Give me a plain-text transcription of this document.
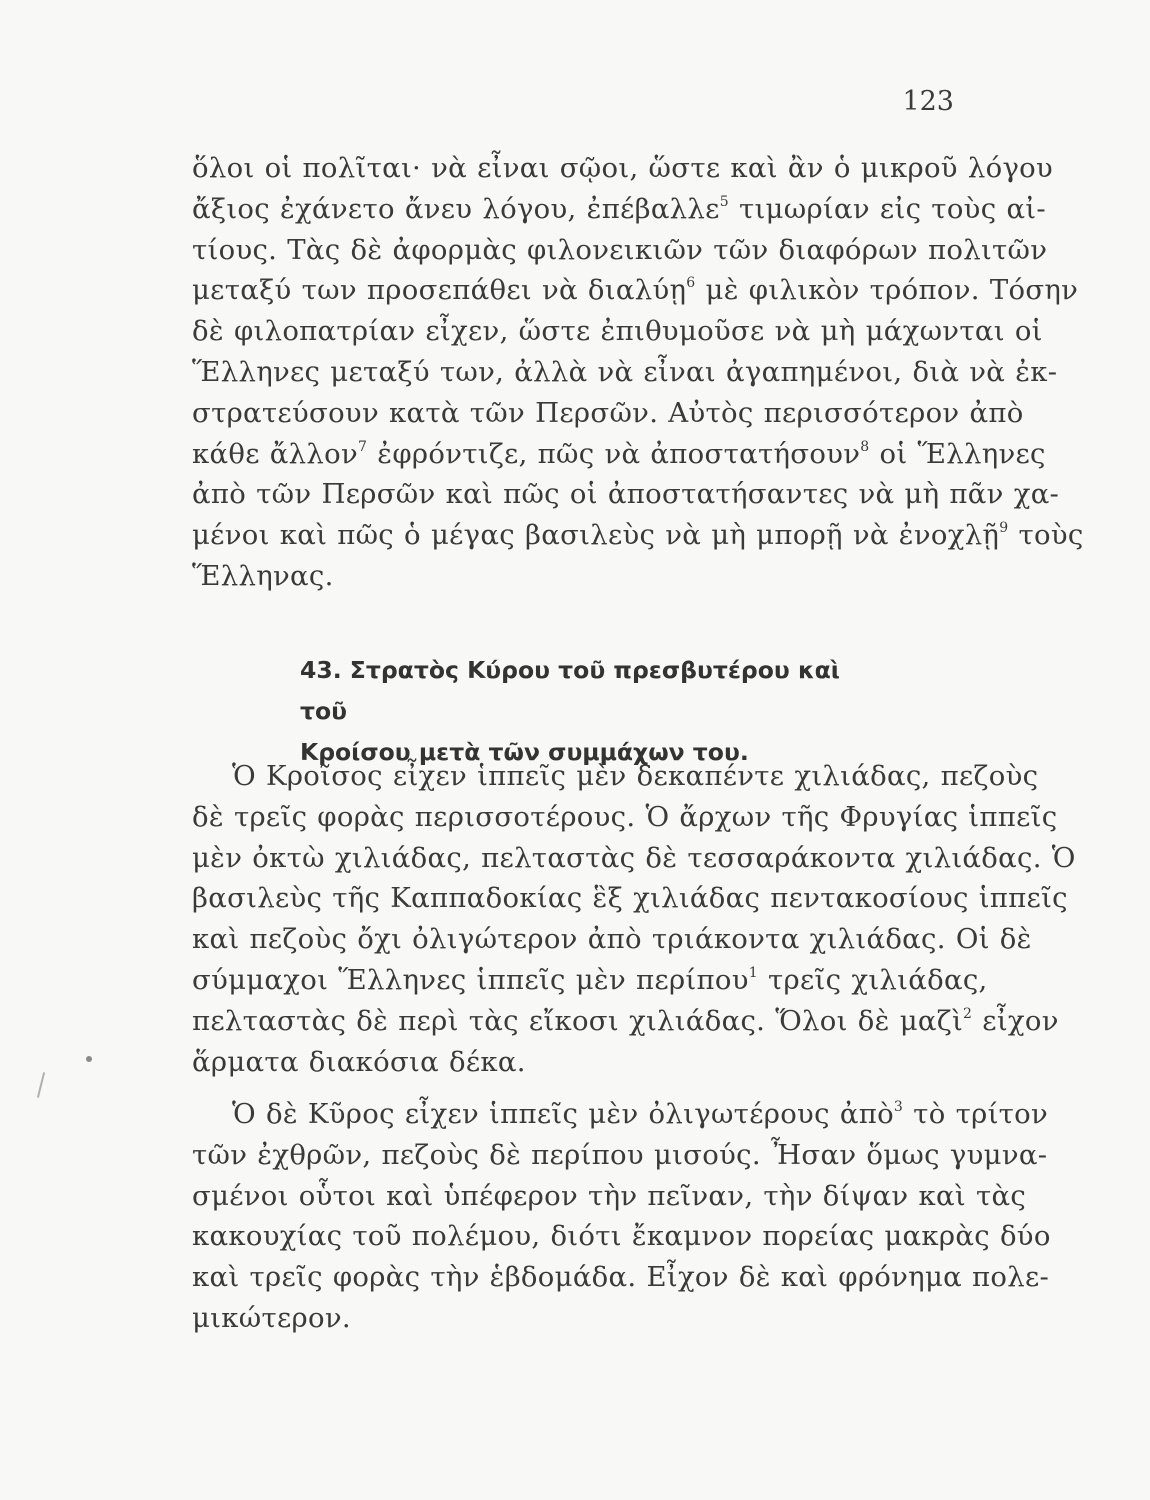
123
ὅλοι οἱ πολῖται· νὰ εἶναι σῷοι, ὥστε καὶ ἂν ὁ μικροῦ λόγου
ἄξιος ἐχάνετο ἄνευ λόγου, ἐπέβαλλε$^5$ τιμωρίαν εἰς τοὺς αἰ-
τίους. Τὰς δὲ ἀφορμὰς φιλονεικιῶν τῶν διαφόρων πολιτῶν
μεταξύ των προσεπάθει νὰ διαλύῃ$^6$ μὲ φιλικὸν τρόπον. Τόσην
δὲ φιλοπατρίαν εἶχεν, ὥστε ἐπιθυμοῦσε νὰ μὴ μάχωνται οἱ
Ἕλληνες μεταξύ των, ἀλλὰ νὰ εἶναι ἀγαπημένοι, διὰ νὰ ἐκ-
στρατεύσουν κατὰ τῶν Περσῶν. Αὐτὸς περισσότερον ἀπὸ
κάθε ἄλλον$^7$ ἐφρόντιζε, πῶς νὰ ἀποστατήσουν$^8$ οἱ Ἕλληνες
ἀπὸ τῶν Περσῶν καὶ πῶς οἱ ἀποστατήσαντες νὰ μὴ πᾶν χα-
μένοι καὶ πῶς ὁ μέγας βασιλεὺς νὰ μὴ μπορῇ νὰ ἐνοχλῇ$^9$ τοὺς
Ἕλληνας.
43. Στρατὸς Κύρου τοῦ πρεσβυτέρου καὶ τοῦ
Κροίσου μετὰ τῶν συμμάχων του.
Ὁ Κροῖσος εἶχεν ἱππεῖς μὲν δεκαπέντε χιλιάδας, πεζοὺς
δὲ τρεῖς φορὰς περισσοτέρους. Ὁ ἄρχων τῆς Φρυγίας ἱππεῖς
μὲν ὀκτὼ χιλιάδας, πελταστὰς δὲ τεσσαράκοντα χιλιάδας. Ὁ
βασιλεὺς τῆς Καππαδοκίας ἓξ χιλιάδας πεντακοσίους ἱππεῖς
καὶ πεζοὺς ὄχι ὀλιγώτερον ἀπὸ τριάκοντα χιλιάδας. Οἱ δὲ
σύμμαχοι Ἕλληνες ἱππεῖς μὲν περίπου$^1$ τρεῖς χιλιάδας,
πελταστὰς δὲ περὶ τὰς εἴκοσι χιλιάδας. Ὅλοι δὲ μαζὶ$^2$ εἶχον
ἅρματα διακόσια δέκα.
Ὁ δὲ Κῦρος εἶχεν ἱππεῖς μὲν ὀλιγωτέρους ἀπὸ$^3$ τὸ τρίτον
τῶν ἐχθρῶν, πεζοὺς δὲ περίπου μισούς. Ἦσαν ὅμως γυμνα-
σμένοι οὗτοι καὶ ὑπέφερον τὴν πεῖναν, τὴν δίψαν καὶ τὰς
κακουχίας τοῦ πολέμου, διότι ἔκαμνον πορείας μακρὰς δύο
καὶ τρεῖς φορὰς τὴν ἑβδομάδα. Εἶχον δὲ καὶ φρόνημα πολε-
μικώτερον.
